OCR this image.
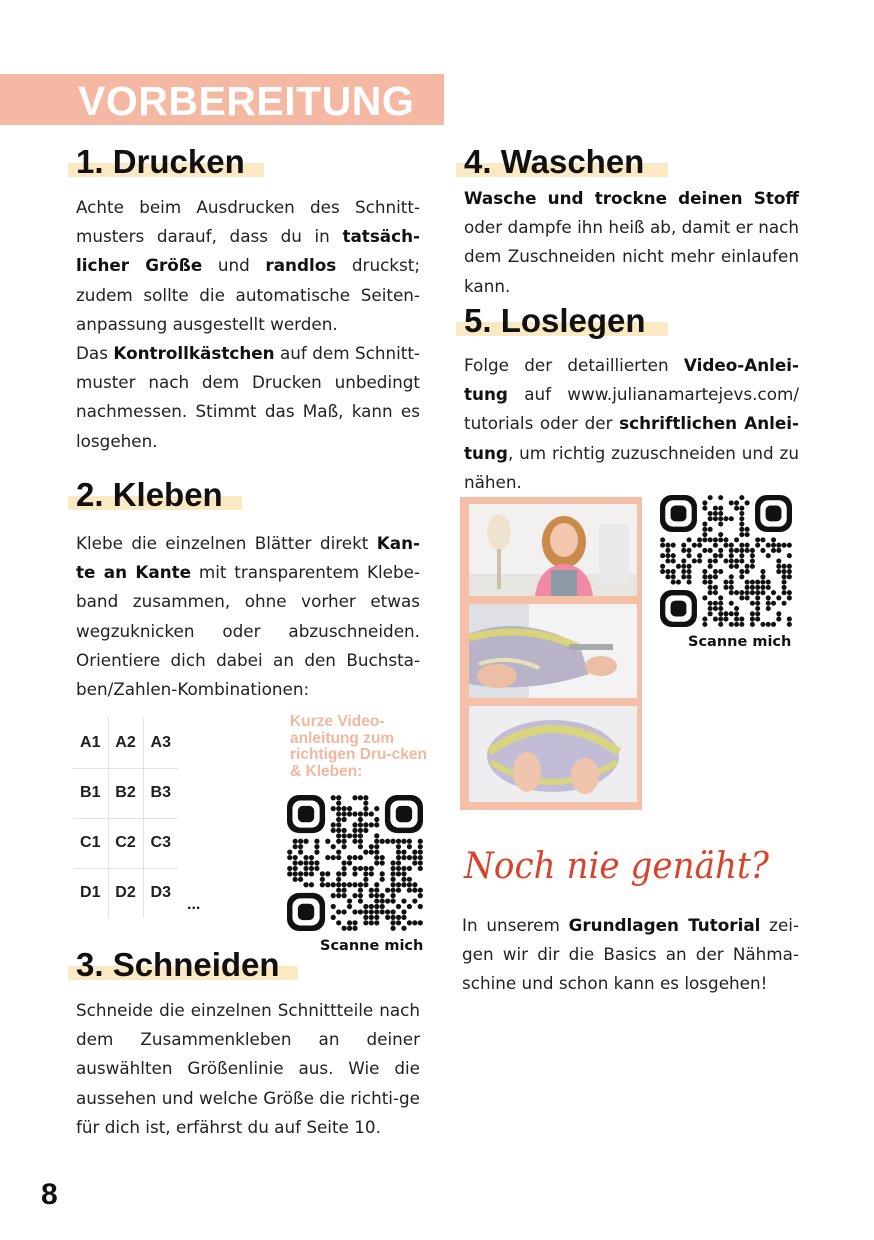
VORBEREITUNG
1. Drucken

Achte beim Ausdrucken des Schnitt-musters darauf, dass du in tatsäch-licher Größe und randlos druckst; zudem sollte die automatische Seiten-anpassung ausgestellt werden.

Das Kontrollkästchen auf dem Schnitt-muster nach dem Drucken unbedingt nachmessen. Stimmt das Maß, kann es losgehen.

2. Kleben

Klebe die einzelnen Blätter direkt Kan-te an Kante mit transparentem Klebe-band zusammen, ohne vorher etwas wegzuknicken oder abzuschneiden. Orientiere dich dabei an den Buchsta-ben/Zahlen-Kombinationen:

A1	A2	A3
B1	B2	B3
C1	C2	C3
D1	D2	D3
...
Kurze Video-anleitung zum richtigen Dru-cken & Kleben:
Scanne mich
3. Schneiden
Schneide die einzelnen Schnittteile nach dem Zusammenkleben an deiner auswählten Größenlinie aus. Wie die aussehen und welche Größe die richti-ge für dich ist, erfährst du auf Seite 10.
4. Waschen

Wasche und trockne deinen Stoff oder dampfe ihn heiß ab, damit er nach dem Zuschneiden nicht mehr einlaufen kann.

5. Loslegen

Folge der detaillierten Video-Anlei-tung auf www.julianamartejevs.com/ tutorials oder der schriftlichen Anlei-tung, um richtig zuzuschneiden und zu nähen.

Scanne mich
Noch nie genäht?

In unserem Grundlagen Tutorial zei-gen wir dir die Basics an der Nähma-schine und schon kann es losgehen!

8
